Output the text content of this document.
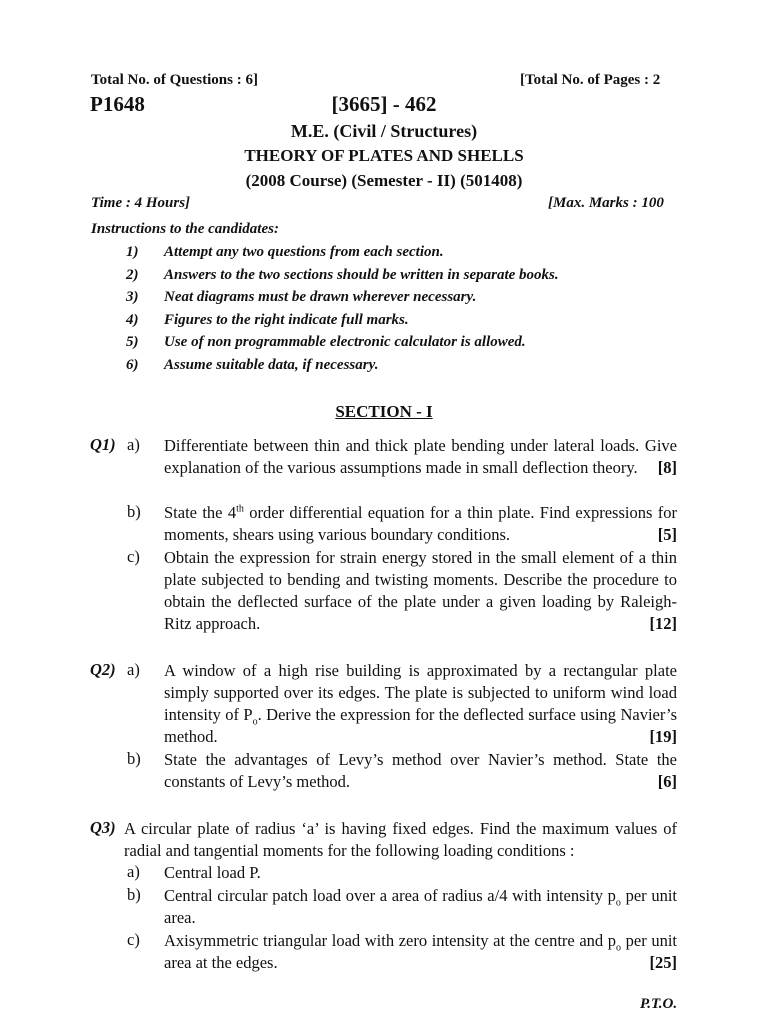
Total No. of Questions : 6]	[Total No. of Pages : 2
P1648	[3665] - 462
M.E. (Civil / Structures)
THEORY OF PLATES AND SHELLS
(2008 Course) (Semester - II) (501408)
Time : 4 Hours]	[Max. Marks : 100
Instructions to the candidates:
1) Attempt any two questions from each section.
2) Answers to the two sections should be written in separate books.
3) Neat diagrams must be drawn wherever necessary.
4) Figures to the right indicate full marks.
5) Use of non programmable electronic calculator is allowed.
6) Assume suitable data, if necessary.
SECTION - I
Q1) a) Differentiate between thin and thick plate bending under lateral loads. Give explanation of the various assumptions made in small deflection theory. [8]
b) State the 4th order differential equation for a thin plate. Find expressions for moments, shears using various boundary conditions.	[5]
c) Obtain the expression for strain energy stored in the small element of a thin plate subjected to bending and twisting moments. Describe the procedure to obtain the deflected surface of the plate under a given loading by Raleigh-Ritz approach.	[12]
Q2) a) A window of a high rise building is approximated by a rectangular plate simply supported over its edges. The plate is subjected to uniform wind load intensity of $P_o$. Derive the expression for the deflected surface using Navier’s method.	[19]
b) State the advantages of Levy’s method over Navier’s method. State the constants of Levy’s method.	[6]
Q3) A circular plate of radius ‘a’ is having fixed edges. Find the maximum values of radial and tangential moments for the following loading conditions :
a) Central load P.
b) Central circular patch load over a area of radius a/4 with intensity $p_o$ per unit area.
c) Axisymmetric triangular load with zero intensity at the centre and $p_o$ per unit area at the edges.	[25]
P.T.O.
